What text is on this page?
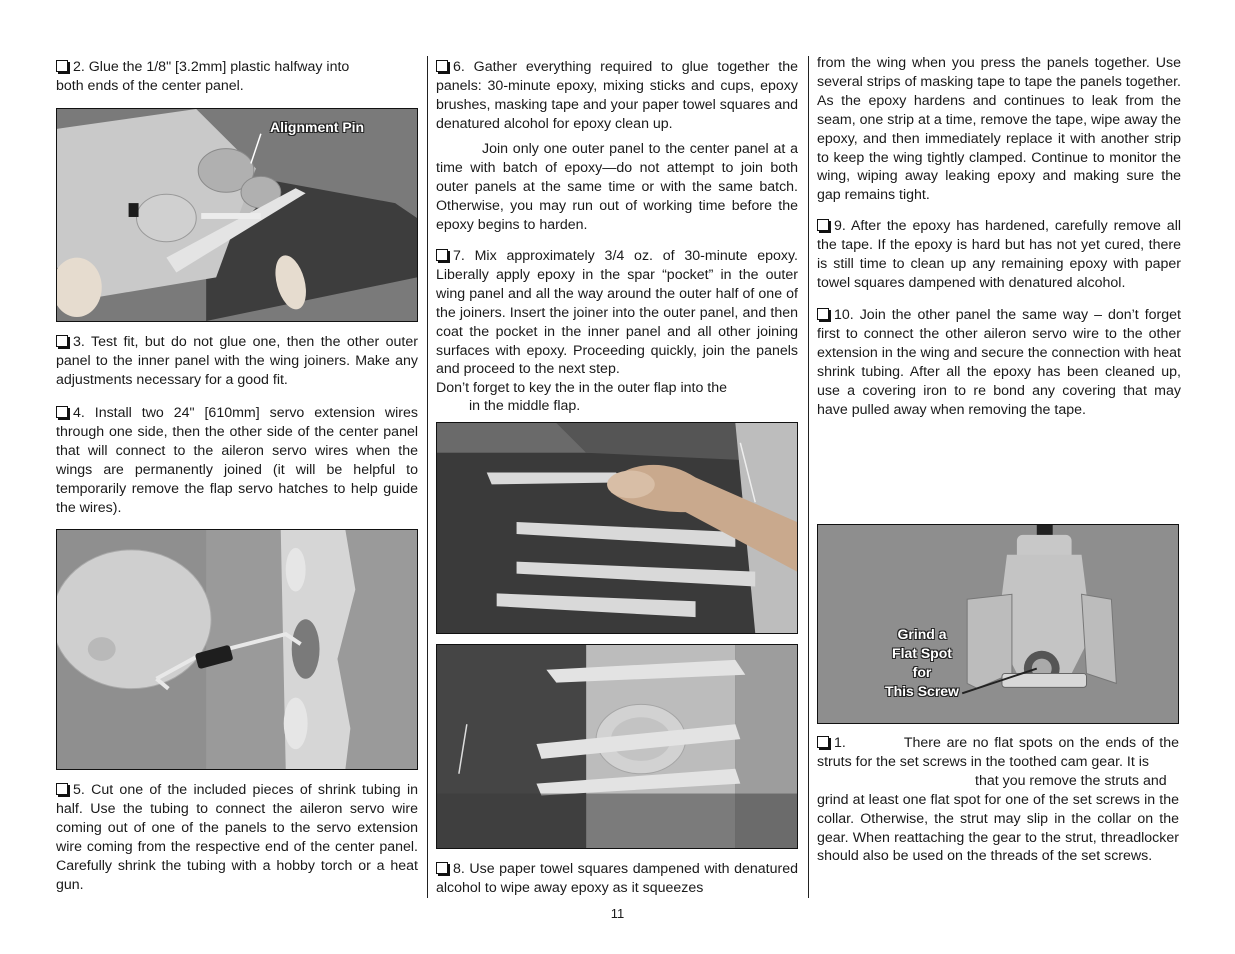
2. Glue the 1/8" [3.2mm] plastic halfway into both ends of the center panel.

Alignment Pin

3. Test fit, but do not glue one, then the other outer panel to the inner panel with the wing joiners. Make any adjustments necessary for a good fit.

4. Install two 24" [610mm] servo extension wires through one side, then the other side of the center panel that will connect to the aileron servo wires when the wings are permanently joined (it will be helpful to temporarily remove the flap servo hatches to help guide the wires).

5. Cut one of the included pieces of shrink tubing in half. Use the tubing to connect the aileron servo wire coming out of one of the panels to the servo extension wire coming from the respective end of the center panel. Carefully shrink the tubing with a hobby torch or a heat gun.

6. Gather everything required to glue together the panels: 30-minute epoxy, mixing sticks and cups, epoxy brushes, masking tape and your paper towel squares and denatured alcohol for epoxy clean up.

Join only one outer panel to the center panel at a time with batch of epoxy—do not attempt to join both outer panels at the same time or with the same batch. Otherwise, you may run out of working time before the epoxy begins to harden.

7. Mix approximately 3/4 oz. of 30-minute epoxy. Liberally apply epoxy in the spar “pocket” in the outer wing panel and all the way around the outer half of one of the joiners. Insert the joiner into the outer panel, and then coat the pocket in the inner panel and all other joining surfaces with epoxy. Proceeding quickly, join the panels and proceed to the next step.

Don’t forget to key the in the outer flap into the

in the middle flap.

8. Use paper towel squares dampened with denatured alcohol to wipe away epoxy as it squeezes

from the wing when you press the panels together. Use several strips of masking tape to tape the panels together. As the epoxy hardens and continues to leak from the seam, one strip at a time, remove the tape, wipe away the epoxy, and then immediately replace it with another strip to keep the wing tightly clamped. Continue to monitor the wing, wiping away leaking epoxy and making sure the gap remains tight.

9. After the epoxy has hardened, carefully remove all the tape. If the epoxy is hard but has not yet cured, there is still time to clean up any remaining epoxy with paper towel squares dampened with denatured alcohol.

10. Join the other panel the same way – don’t forget first to connect the other aileron servo wire to the other extension in the wing and secure the connection with heat shrink tubing. After all the epoxy has been cleaned up, use a covering iron to re bond any covering that may have pulled away when removing the tape.

Grind a
Flat Spot
for
This Screw

1.	There are no flat spots on the ends of the struts for the set screws in the toothed cam gear. It is

that you remove the struts and

grind at least one flat spot for one of the set screws in the collar. Otherwise, the strut may slip in the collar on the gear. When reattaching the gear to the strut, threadlocker should also be used on the threads of the set screws.

11
